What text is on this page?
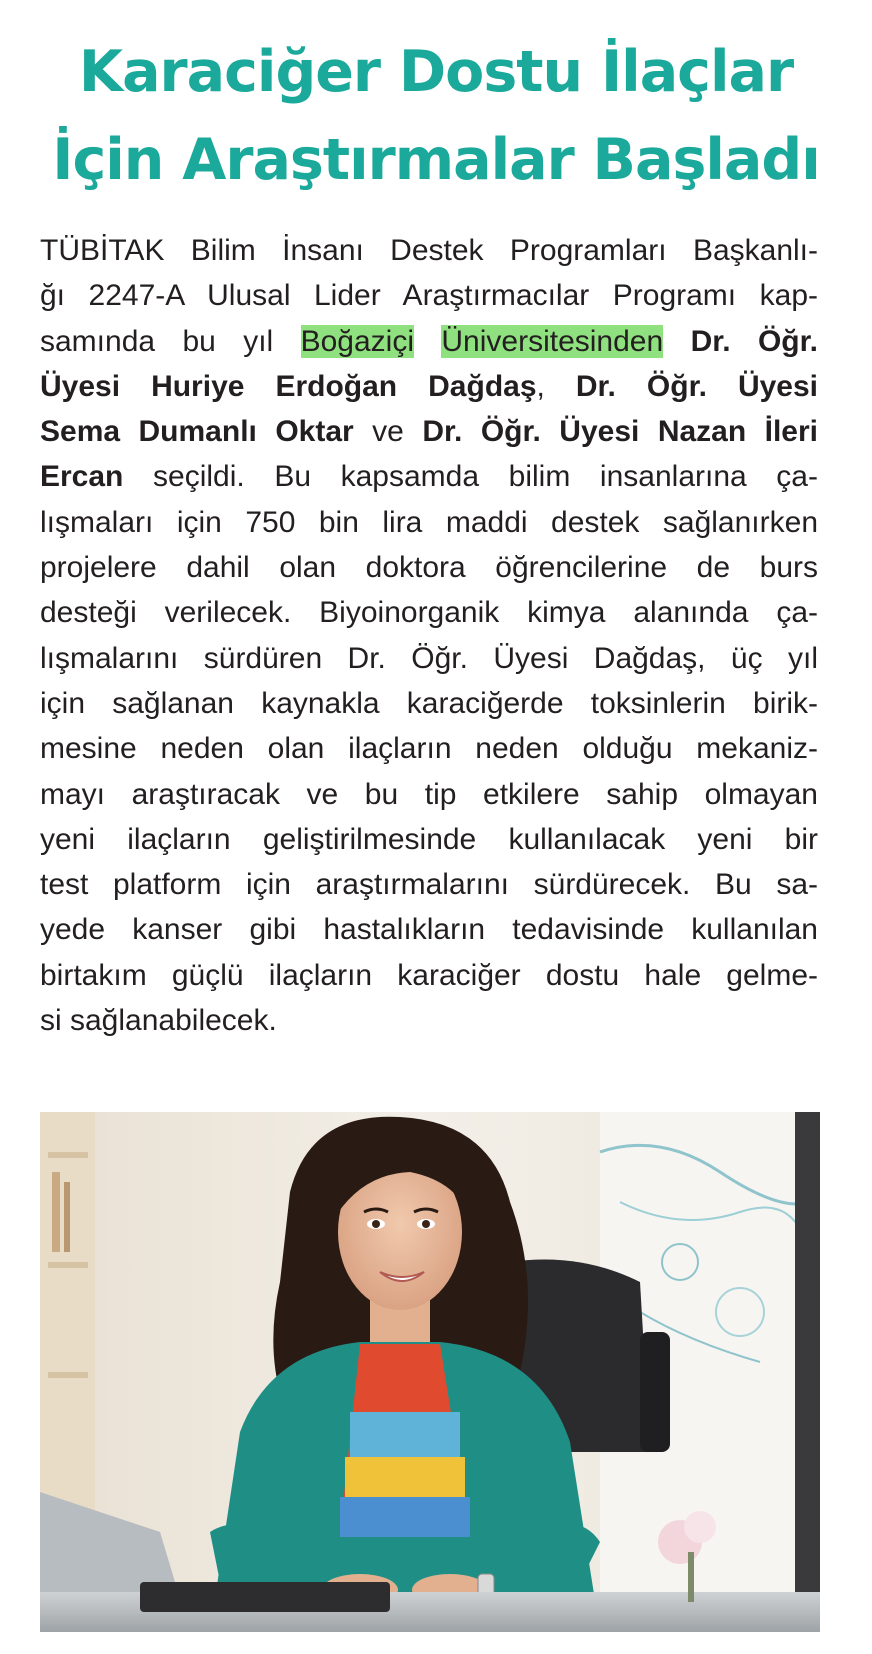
Karaciğer Dostu İlaçlar
İçin Araştırmalar Başladı
TÜBİTAK Bilim İnsanı Destek Programları Başkanlı-
ğı 2247-A Ulusal Lider Araştırmacılar Programı kap-
samında bu yıl Boğaziçi Üniversitesinden Dr. Öğr.
Üyesi Huriye Erdoğan Dağdaş, Dr. Öğr. Üyesi
Sema Dumanlı Oktar ve Dr. Öğr. Üyesi Nazan İleri
Ercan seçildi. Bu kapsamda bilim insanlarına ça-
lışmaları için 750 bin lira maddi destek sağlanırken
projelere dahil olan doktora öğrencilerine de burs
desteği verilecek. Biyoinorganik kimya alanında ça-
lışmalarını sürdüren Dr. Öğr. Üyesi Dağdaş, üç yıl
için sağlanan kaynakla karaciğerde toksinlerin birik-
mesine neden olan ilaçların neden olduğu mekaniz-
mayı araştıracak ve bu tip etkilere sahip olmayan
yeni ilaçların geliştirilmesinde kullanılacak yeni bir
test platform için araştırmalarını sürdürecek. Bu sa-
yede kanser gibi hastalıkların tedavisinde kullanılan
birtakım güçlü ilaçların karaciğer dostu hale gelme-
si sağlanabilecek.
